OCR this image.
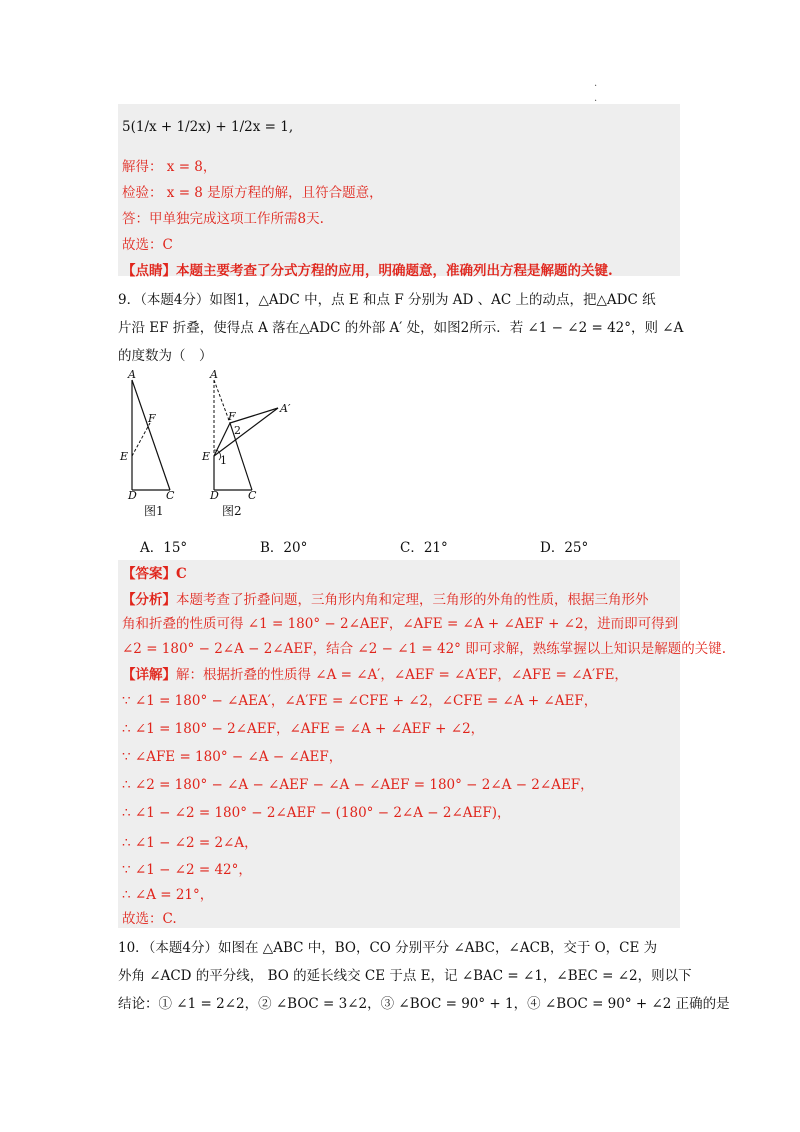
.
.
5(1/x + 1/2x) + 1/2x = 1,
解得： x = 8，
检验： x = 8 是原方程的解，且符合题意，
答：甲单独完成这项工作所需8天.
故选：C
【点睛】本题主要考查了分式方程的应用，明确题意，准确列出方程是解题的关键.
9．（本题4分）如图1，△ADC 中，点 E 和点 F 分别为 AD 、AC 上的动点，把△ADC 纸
片沿 EF 折叠，使得点 A 落在△ADC 的外部 A′ 处，如图2所示．若 ∠1 − ∠2 = 42°，则 ∠A
的度数为（　）
A
F
E
D	C
图1
A
F
2
A′
E 1
D	C
图2
A．15°	B．20°	C．21°	D．25°
【答案】C
【分析】本题考查了折叠问题，三角形内角和定理，三角形的外角的性质，根据三角形外
角和折叠的性质可得 ∠1 = 180° − 2∠AEF，∠AFE = ∠A + ∠AEF + ∠2，进而即可得到
∠2 = 180° − 2∠A − 2∠AEF，结合 ∠2 − ∠1 = 42° 即可求解，熟练掌握以上知识是解题的关键.
【详解】解：根据折叠的性质得 ∠A = ∠A′，∠AEF = ∠A′EF，∠AFE = ∠A′FE，
∵ ∠1 = 180° − ∠AEA′，∠A′FE = ∠CFE + ∠2，∠CFE = ∠A + ∠AEF，
∴ ∠1 = 180° − 2∠AEF，∠AFE = ∠A + ∠AEF + ∠2，
∵ ∠AFE = 180° − ∠A − ∠AEF，
∴ ∠2 = 180° − ∠A − ∠AEF − ∠A − ∠AEF = 180° − 2∠A − 2∠AEF，
∴ ∠1 − ∠2 = 180° − 2∠AEF − (180° − 2∠A − 2∠AEF)，
∴ ∠1 − ∠2 = 2∠A，
∵ ∠1 − ∠2 = 42°，
∴ ∠A = 21°，
故选：C.
10．（本题4分）如图在 △ABC 中，BO，CO 分别平分 ∠ABC，∠ACB，交于 O，CE 为
外角 ∠ACD 的平分线， BO 的延长线交 CE 于点 E，记 ∠BAC = ∠1，∠BEC = ∠2，则以下
结论：① ∠1 = 2∠2，② ∠BOC = 3∠2，③ ∠BOC = 90° + 1，④ ∠BOC = 90° + ∠2 正确的是
